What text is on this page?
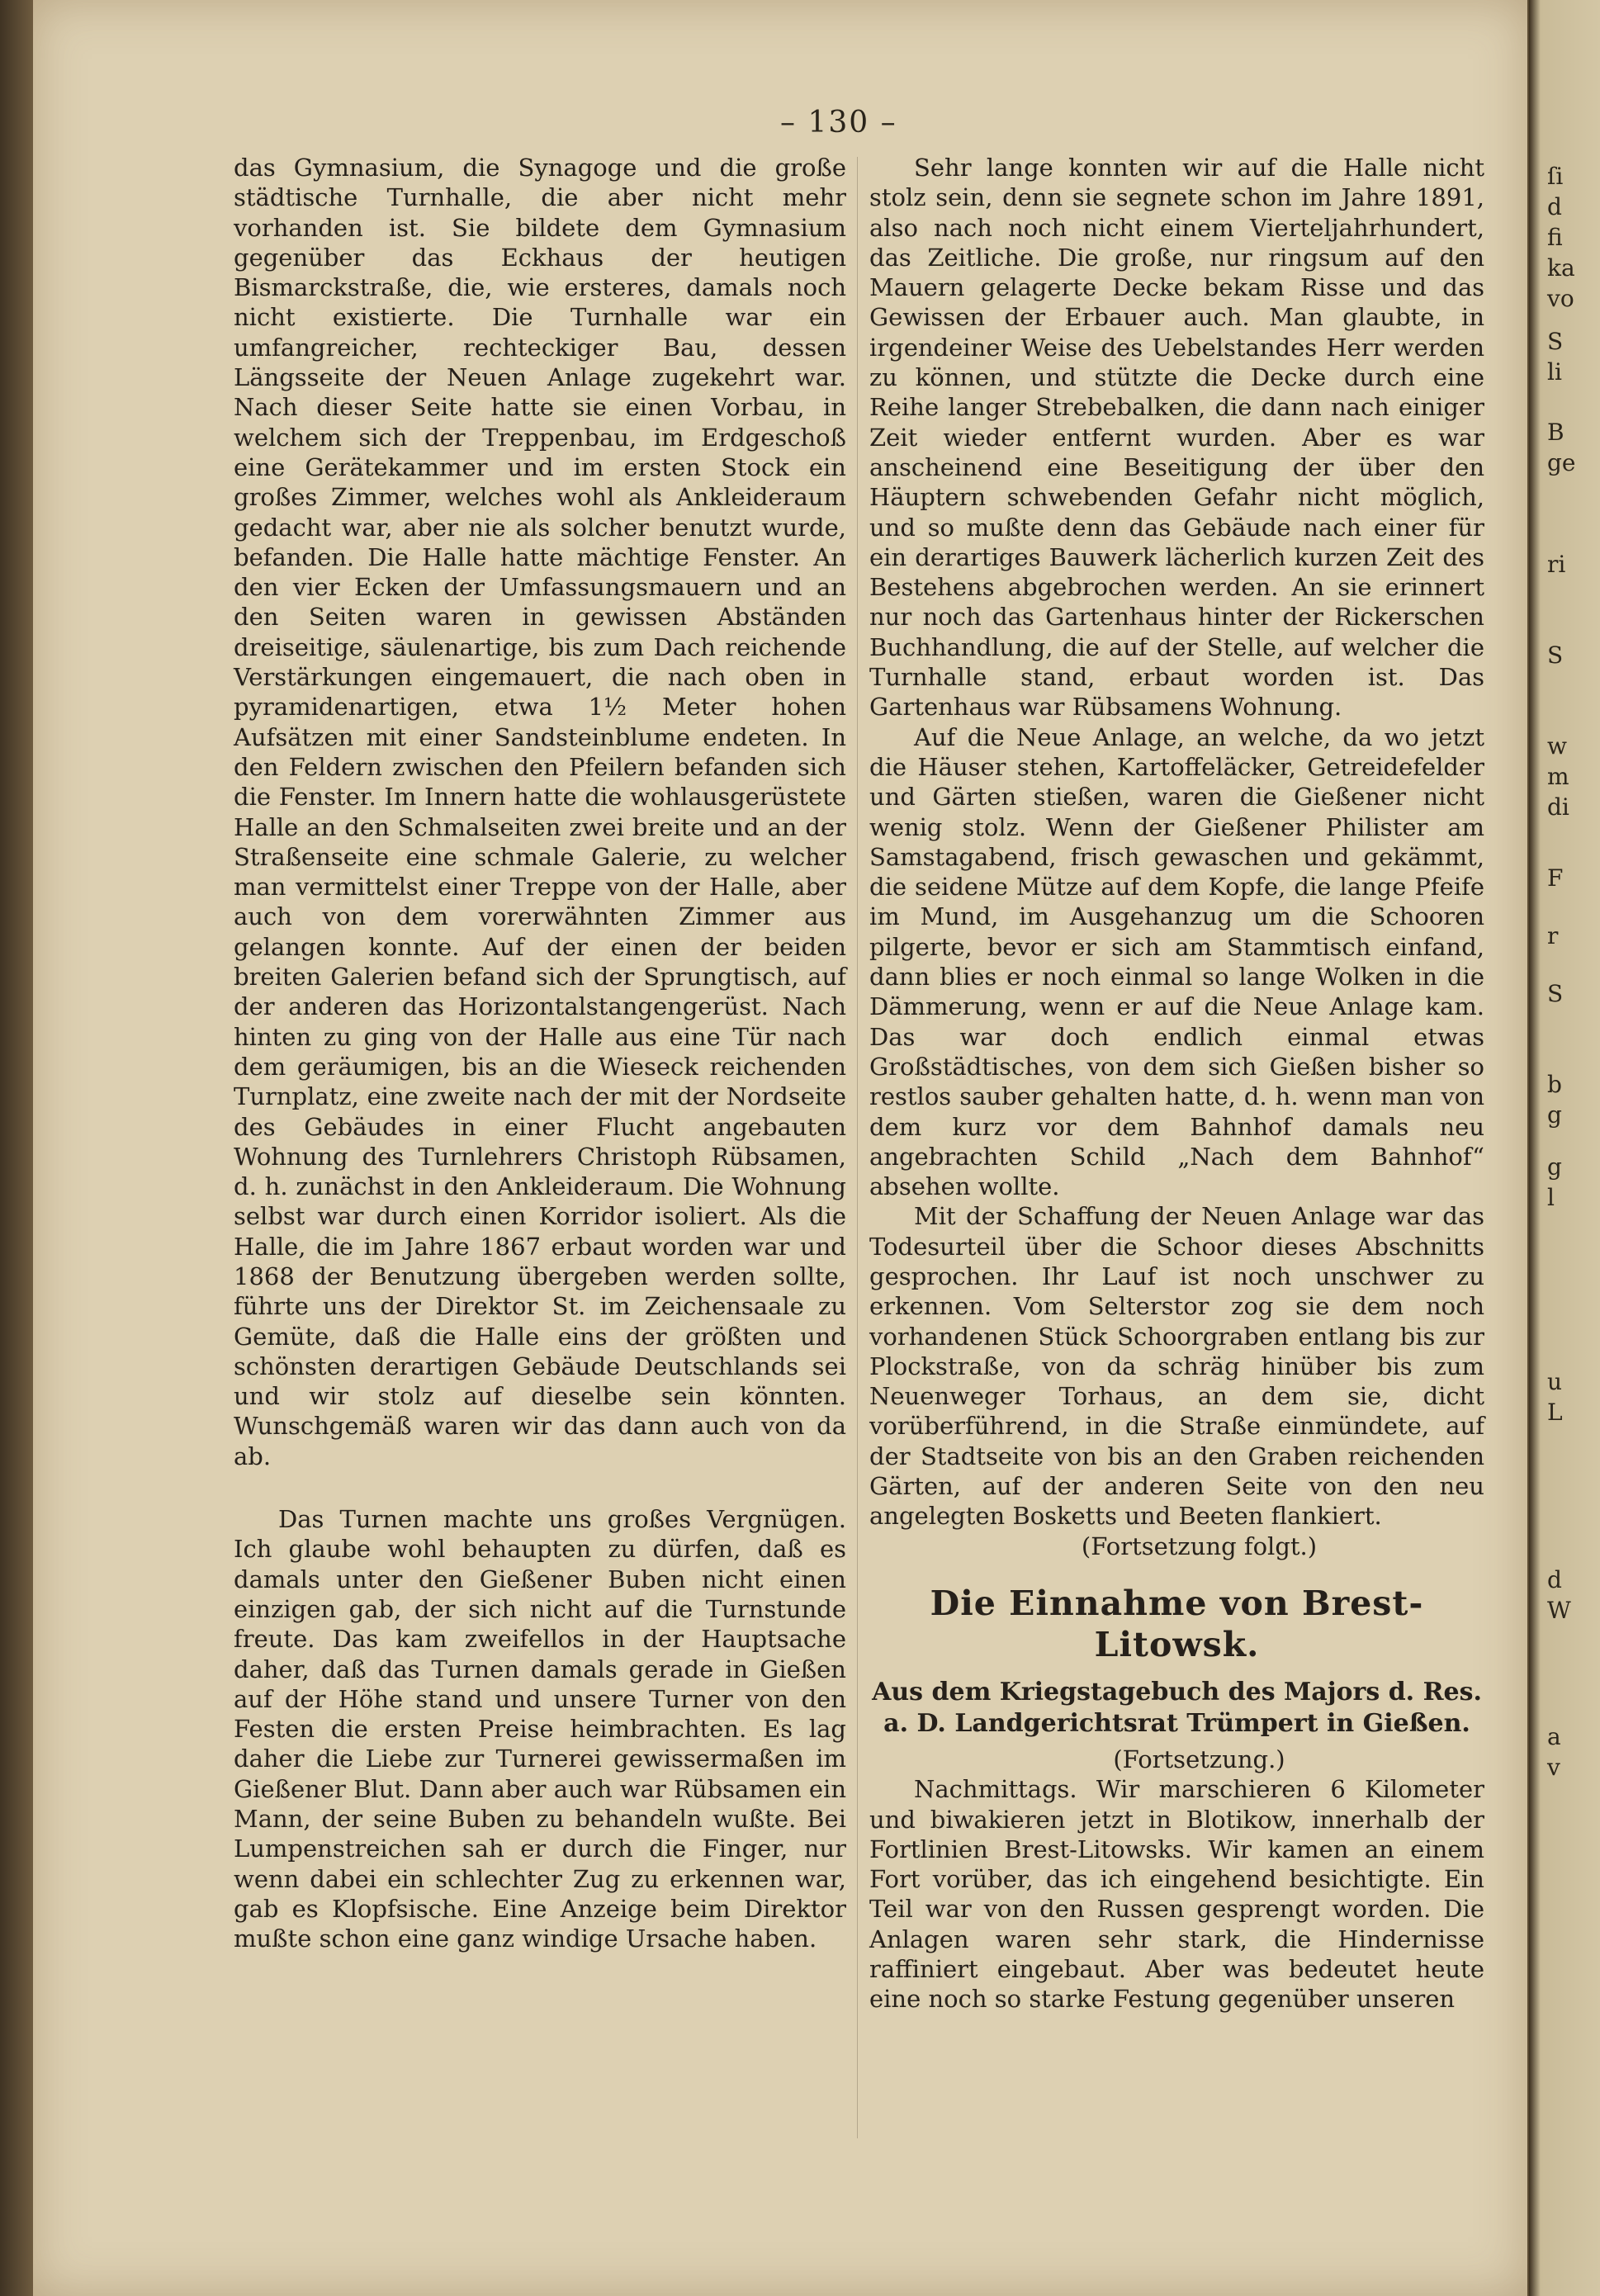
ſi
d
fi
ka
vo
S
li
B
ge
ri
S
w
m
di
F
r
S
b
g
g
l
u
L
d
W
a
v
– 130 –

das Gymnasium, die Synagoge und die große städtische Turnhalle, die aber nicht mehr vorhanden ist. Sie bildete dem Gymnasium gegenüber das Eckhaus der heutigen Bismarckstraße, die, wie ersteres, damals noch nicht existierte. Die Turnhalle war ein umfangreicher, rechteckiger Bau, dessen Längsseite der Neuen Anlage zugekehrt war. Nach dieser Seite hatte sie einen Vorbau, in welchem sich der Treppenbau, im Erdgeschoß eine Gerätekammer und im ersten Stock ein großes Zimmer, welches wohl als Ankleideraum gedacht war, aber nie als solcher benutzt wurde, befanden. Die Halle hatte mächtige Fenster. An den vier Ecken der Umfassungsmauern und an den Seiten waren in gewissen Abständen dreiseitige, säulenartige, bis zum Dach reichende Verstärkungen eingemauert, die nach oben in pyramidenartigen, etwa 1½ Meter hohen Aufsätzen mit einer Sandsteinblume endeten. In den Feldern zwischen den Pfeilern befanden sich die Fenster. Im Innern hatte die wohlausgerüstete Halle an den Schmalseiten zwei breite und an der Straßenseite eine schmale Galerie, zu welcher man vermittelst einer Treppe von der Halle, aber auch von dem vorerwähnten Zimmer aus gelangen konnte. Auf der einen der beiden breiten Galerien befand sich der Sprungtisch, auf der anderen das Horizontalstangengerüst. Nach hinten zu ging von der Halle aus eine Tür nach dem geräumigen, bis an die Wieseck reichenden Turnplatz, eine zweite nach der mit der Nordseite des Gebäudes in einer Flucht angebauten Wohnung des Turnlehrers Christoph Rübsamen, d. h. zunächst in den Ankleideraum. Die Wohnung selbst war durch einen Korridor isoliert. Als die Halle, die im Jahre 1867 erbaut worden war und 1868 der Benutzung übergeben werden sollte, führte uns der Direktor St. im Zeichensaale zu Gemüte, daß die Halle eins der größten und schönsten derartigen Gebäude Deutschlands sei und wir stolz auf dieselbe sein könnten. Wunschgemäß waren wir das dann auch von da ab.

Das Turnen machte uns großes Vergnügen. Ich glaube wohl behaupten zu dürfen, daß es damals unter den Gießener Buben nicht einen einzigen gab, der sich nicht auf die Turnstunde freute. Das kam zweifellos in der Hauptsache daher, daß das Turnen damals gerade in Gießen auf der Höhe stand und unsere Turner von den Festen die ersten Preise heimbrachten. Es lag daher die Liebe zur Turnerei gewissermaßen im Gießener Blut. Dann aber auch war Rübsamen ein Mann, der seine Buben zu behandeln wußte. Bei Lumpenstreichen sah er durch die Finger, nur wenn dabei ein schlechter Zug zu erkennen war, gab es Klopfsische. Eine Anzeige beim Direktor mußte schon eine ganz windige Ursache haben.

Sehr lange konnten wir auf die Halle nicht stolz sein, denn sie segnete schon im Jahre 1891, also nach noch nicht einem Vierteljahrhundert, das Zeitliche. Die große, nur ringsum auf den Mauern gelagerte Decke bekam Risse und das Gewissen der Erbauer auch. Man glaubte, in irgendeiner Weise des Uebelstandes Herr werden zu können, und stützte die Decke durch eine Reihe langer Strebebalken, die dann nach einiger Zeit wieder entfernt wurden. Aber es war anscheinend eine Beseitigung der über den Häuptern schwebenden Gefahr nicht möglich, und so mußte denn das Gebäude nach einer für ein derartiges Bauwerk lächerlich kurzen Zeit des Bestehens abgebrochen werden. An sie erinnert nur noch das Gartenhaus hinter der Rickerschen Buchhandlung, die auf der Stelle, auf welcher die Turnhalle stand, erbaut worden ist. Das Gartenhaus war Rübsamens Wohnung.

Auf die Neue Anlage, an welche, da wo jetzt die Häuser stehen, Kartoffeläcker, Getreidefelder und Gärten stießen, waren die Gießener nicht wenig stolz. Wenn der Gießener Philister am Samstagabend, frisch gewaschen und gekämmt, die seidene Mütze auf dem Kopfe, die lange Pfeife im Mund, im Ausgehanzug um die Schooren pilgerte, bevor er sich am Stammtisch einfand, dann blies er noch einmal so lange Wolken in die Dämmerung, wenn er auf die Neue Anlage kam. Das war doch endlich einmal etwas Großstädtisches, von dem sich Gießen bisher so restlos sauber gehalten hatte, d. h. wenn man von dem kurz vor dem Bahnhof damals neu angebrachten Schild „Nach dem Bahnhof“ absehen wollte.

Mit der Schaffung der Neuen Anlage war das Todesurteil über die Schoor dieses Abschnitts gesprochen. Ihr Lauf ist noch unschwer zu erkennen. Vom Selterstor zog sie dem noch vorhandenen Stück Schoorgraben entlang bis zur Plockstraße, von da schräg hinüber bis zum Neuenweger Torhaus, an dem sie, dicht vorüberführend, in die Straße einmündete, auf der Stadtseite von bis an den Graben reichenden Gärten, auf der anderen Seite von den neu angelegten Bosketts und Beeten flankiert.

(Fortsetzung folgt.)

Die Einnahme von Brest-Litowsk.
Aus dem Kriegstagebuch des Majors d. Res. a. D. Landgerichtsrat Trümpert in Gießen.

(Fortsetzung.)

Nachmittags. Wir marschieren 6 Kilometer und biwakieren jetzt in Blotikow, innerhalb der Fortlinien Brest-Litowsks. Wir kamen an einem Fort vorüber, das ich eingehend besichtigte. Ein Teil war von den Russen gesprengt worden. Die Anlagen waren sehr stark, die Hindernisse raffiniert eingebaut. Aber was bedeutet heute eine noch so starke Festung gegenüber unseren
